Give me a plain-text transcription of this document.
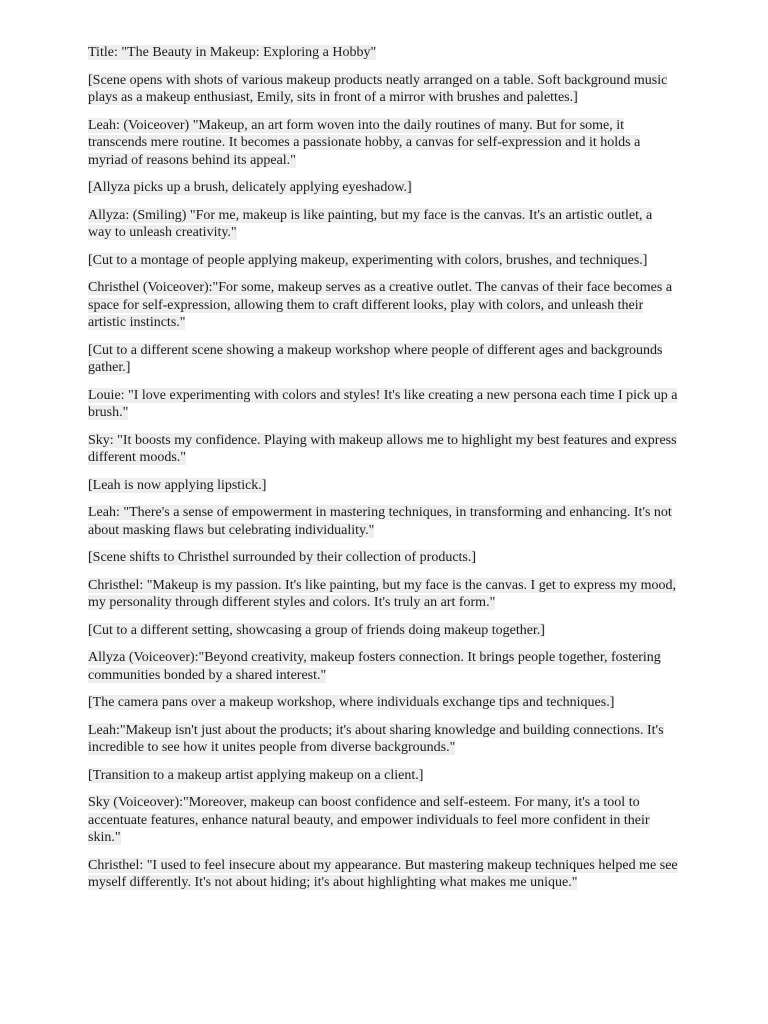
Title: "The Beauty in Makeup: Exploring a Hobby"

[Scene opens with shots of various makeup products neatly arranged on a table. Soft background music plays as a makeup enthusiast, Emily, sits in front of a mirror with brushes and palettes.]

Leah: (Voiceover) "Makeup, an art form woven into the daily routines of many. But for some, it transcends mere routine. It becomes a passionate hobby, a canvas for self-expression and it holds a myriad of reasons behind its appeal."

[Allyza picks up a brush, delicately applying eyeshadow.]

Allyza: (Smiling) "For me, makeup is like painting, but my face is the canvas. It's an artistic outlet, a way to unleash creativity."

[Cut to a montage of people applying makeup, experimenting with colors, brushes, and techniques.]

Christhel (Voiceover):"For some, makeup serves as a creative outlet. The canvas of their face becomes a space for self-expression, allowing them to craft different looks, play with colors, and unleash their artistic instincts."

[Cut to a different scene showing a makeup workshop where people of different ages and backgrounds gather.]

Louie: "I love experimenting with colors and styles! It's like creating a new persona each time I pick up a brush."

Sky: "It boosts my confidence. Playing with makeup allows me to highlight my best features and express different moods."

[Leah is now applying lipstick.]

Leah: "There's a sense of empowerment in mastering techniques, in transforming and enhancing. It's not about masking flaws but celebrating individuality."

[Scene shifts to Christhel surrounded by their collection of products.]

Christhel: "Makeup is my passion. It's like painting, but my face is the canvas. I get to express my mood, my personality through different styles and colors. It's truly an art form."

[Cut to a different setting, showcasing a group of friends doing makeup together.]

Allyza (Voiceover):"Beyond creativity, makeup fosters connection. It brings people together, fostering communities bonded by a shared interest."

[The camera pans over a makeup workshop, where individuals exchange tips and techniques.]

Leah:"Makeup isn't just about the products; it's about sharing knowledge and building connections. It's incredible to see how it unites people from diverse backgrounds."

[Transition to a makeup artist applying makeup on a client.]

Sky (Voiceover):"Moreover, makeup can boost confidence and self-esteem. For many, it's a tool to accentuate features, enhance natural beauty, and empower individuals to feel more confident in their skin."

Christhel: "I used to feel insecure about my appearance. But mastering makeup techniques helped me see myself differently. It's not about hiding; it's about highlighting what makes me unique."
